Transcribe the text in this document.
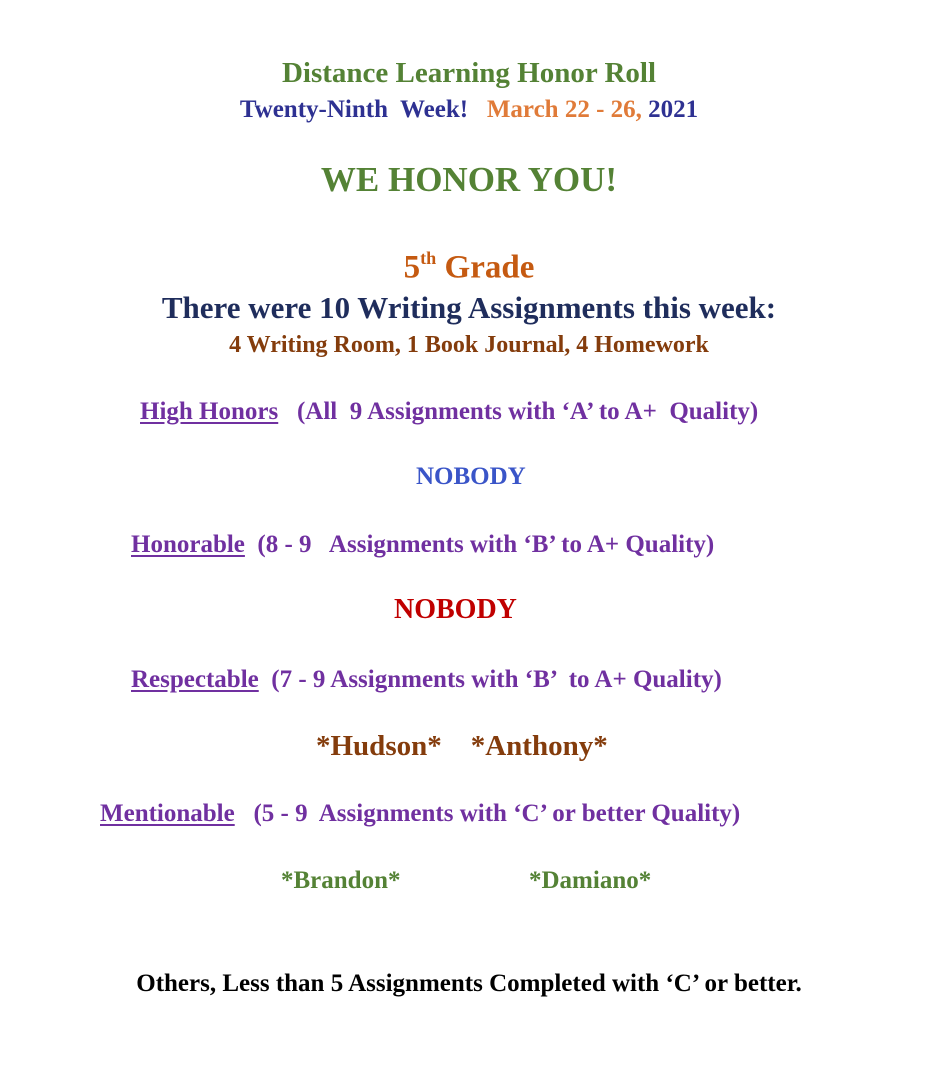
Distance Learning Honor Roll
Twenty-Ninth  Week! March 22 - 26, 2021
WE HONOR YOU!
5th Grade
There were 10 Writing Assignments this week:
4 Writing Room, 1 Book Journal, 4 Homework
High Honors (All  9 Assignments with ‘A’ to A+  Quality)
NOBODY
Honorable (8 - 9   Assignments with ‘B’ to A+ Quality)
NOBODY
Respectable (7 - 9 Assignments with ‘B’  to A+ Quality)
*Hudson* *Anthony*
Mentionable (5 - 9  Assignments with ‘C’ or better Quality)
*Brandon*	*Damiano*
Others, Less than 5 Assignments Completed with ‘C’ or better.
